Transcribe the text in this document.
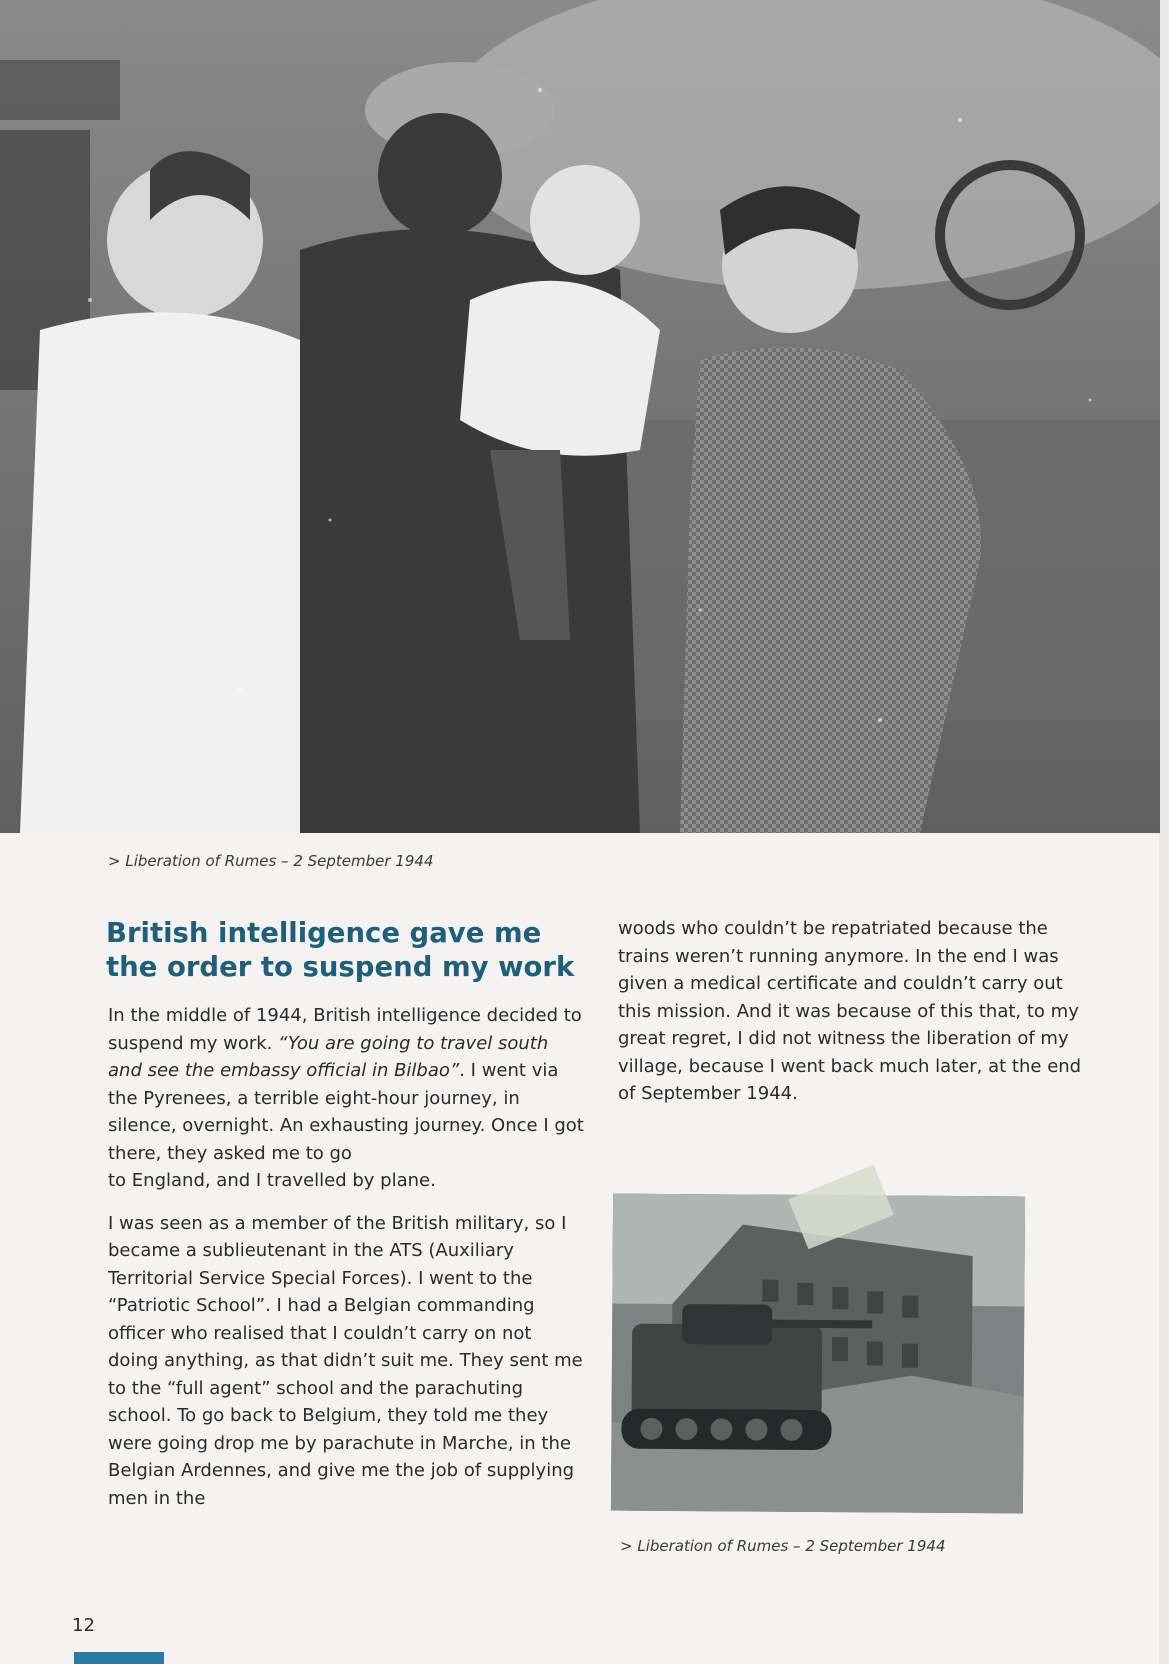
> Liberation of Rumes – 2 September 1944
British intelligence gave me the order to suspend my work

In the middle of 1944, British intelligence decided to suspend my work. “You are going to travel south and see the embassy official in Bilbao”. I went via the Pyrenees, a terrible eight-hour journey, in silence, overnight. An exhausting journey. Once I got there, they asked me to go
to England, and I travelled by plane.

I was seen as a member of the British military, so I became a sublieutenant in the ATS (Auxiliary Territorial Service Special Forces). I went to the “Patriotic School”. I had a Belgian commanding officer who realised that I couldn’t carry on not doing anything, as that didn’t suit me. They sent me to the “full agent” school and the parachuting school. To go back to Belgium, they told me they were going drop me by parachute in Marche, in the Belgian Ardennes, and give me the job of supplying men in the

woods who couldn’t be repatriated because the trains weren’t running anymore. In the end I was given a medical certificate and couldn’t carry out this mission. And it was because of this that, to my great regret, I did not witness the liberation of my village, because I went back much later, at the end of September 1944.

> Liberation of Rumes – 2 September 1944
12
